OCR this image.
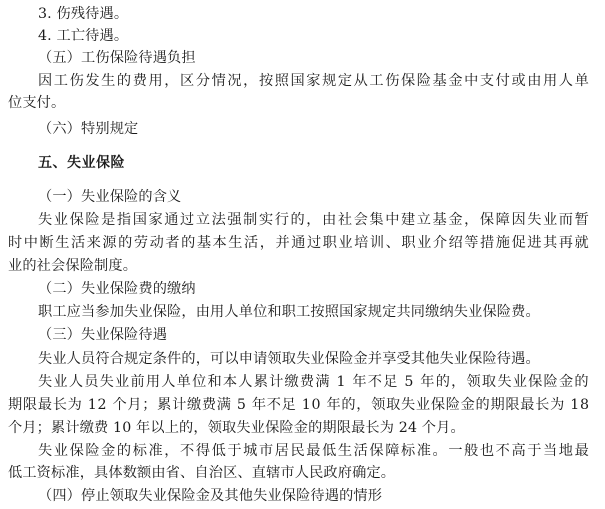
3. 伤残待遇。
4. 工亡待遇。
（五）工伤保险待遇负担
因 工 伤 发 生 的 费 用 ， 区 分 情 况 ， 按 照 国 家 规 定 从 工 伤 保 险 基 金 中 支 付 或 由 用 人 单
位支付。
（六）特别规定
五、失业保险
（一）失业保险的含义
失 业 保 险 是 指 国 家 通 过 立 法 强 制 实 行 的 ， 由 社 会 集 中 建 立 基 金 ， 保 障 因 失 业 而 暂
时 中 断 生 活 来 源 的 劳 动 者 的 基 本 生 活 ， 并 通 过 职 业 培 训 、 职 业 介 绍 等 措 施 促 进 其 再 就
业的社会保险制度。
（二）失业保险费的缴纳
职工应当参加失业保险，由用人单位和职工按照国家规定共同缴纳失业保险费。
（三）失业保险待遇
失业人员符合规定条件的，可以申请领取失业保险金并享受其他失业保险待遇。
失 业 人 员 失 业 前 用 人 单 位 和 本 人 累 计 缴 费 满
1
年 不 足
5
年 的 ， 领 取 失 业 保 险 金 的
期 限 最 长 为
1 2
个 月 ； 累 计 缴 费 满
5
年 不 足
1 0
年 的 ， 领 取 失 业 保 险 金 的 期 限 最 长 为
1 8
个月；累计缴费 10 年以上的，领取失业保险金的期限最长为 24 个月。
失 业 保 险 金 的 标 准 ， 不 得 低 于 城 市 居 民 最 低 生 活 保 障 标 准 。 一 般 也 不 高 于 当 地 最
低工资标准，具体数额由省、自治区、直辖市人民政府确定。
（四）停止领取失业保险金及其他失业保险待遇的情形
